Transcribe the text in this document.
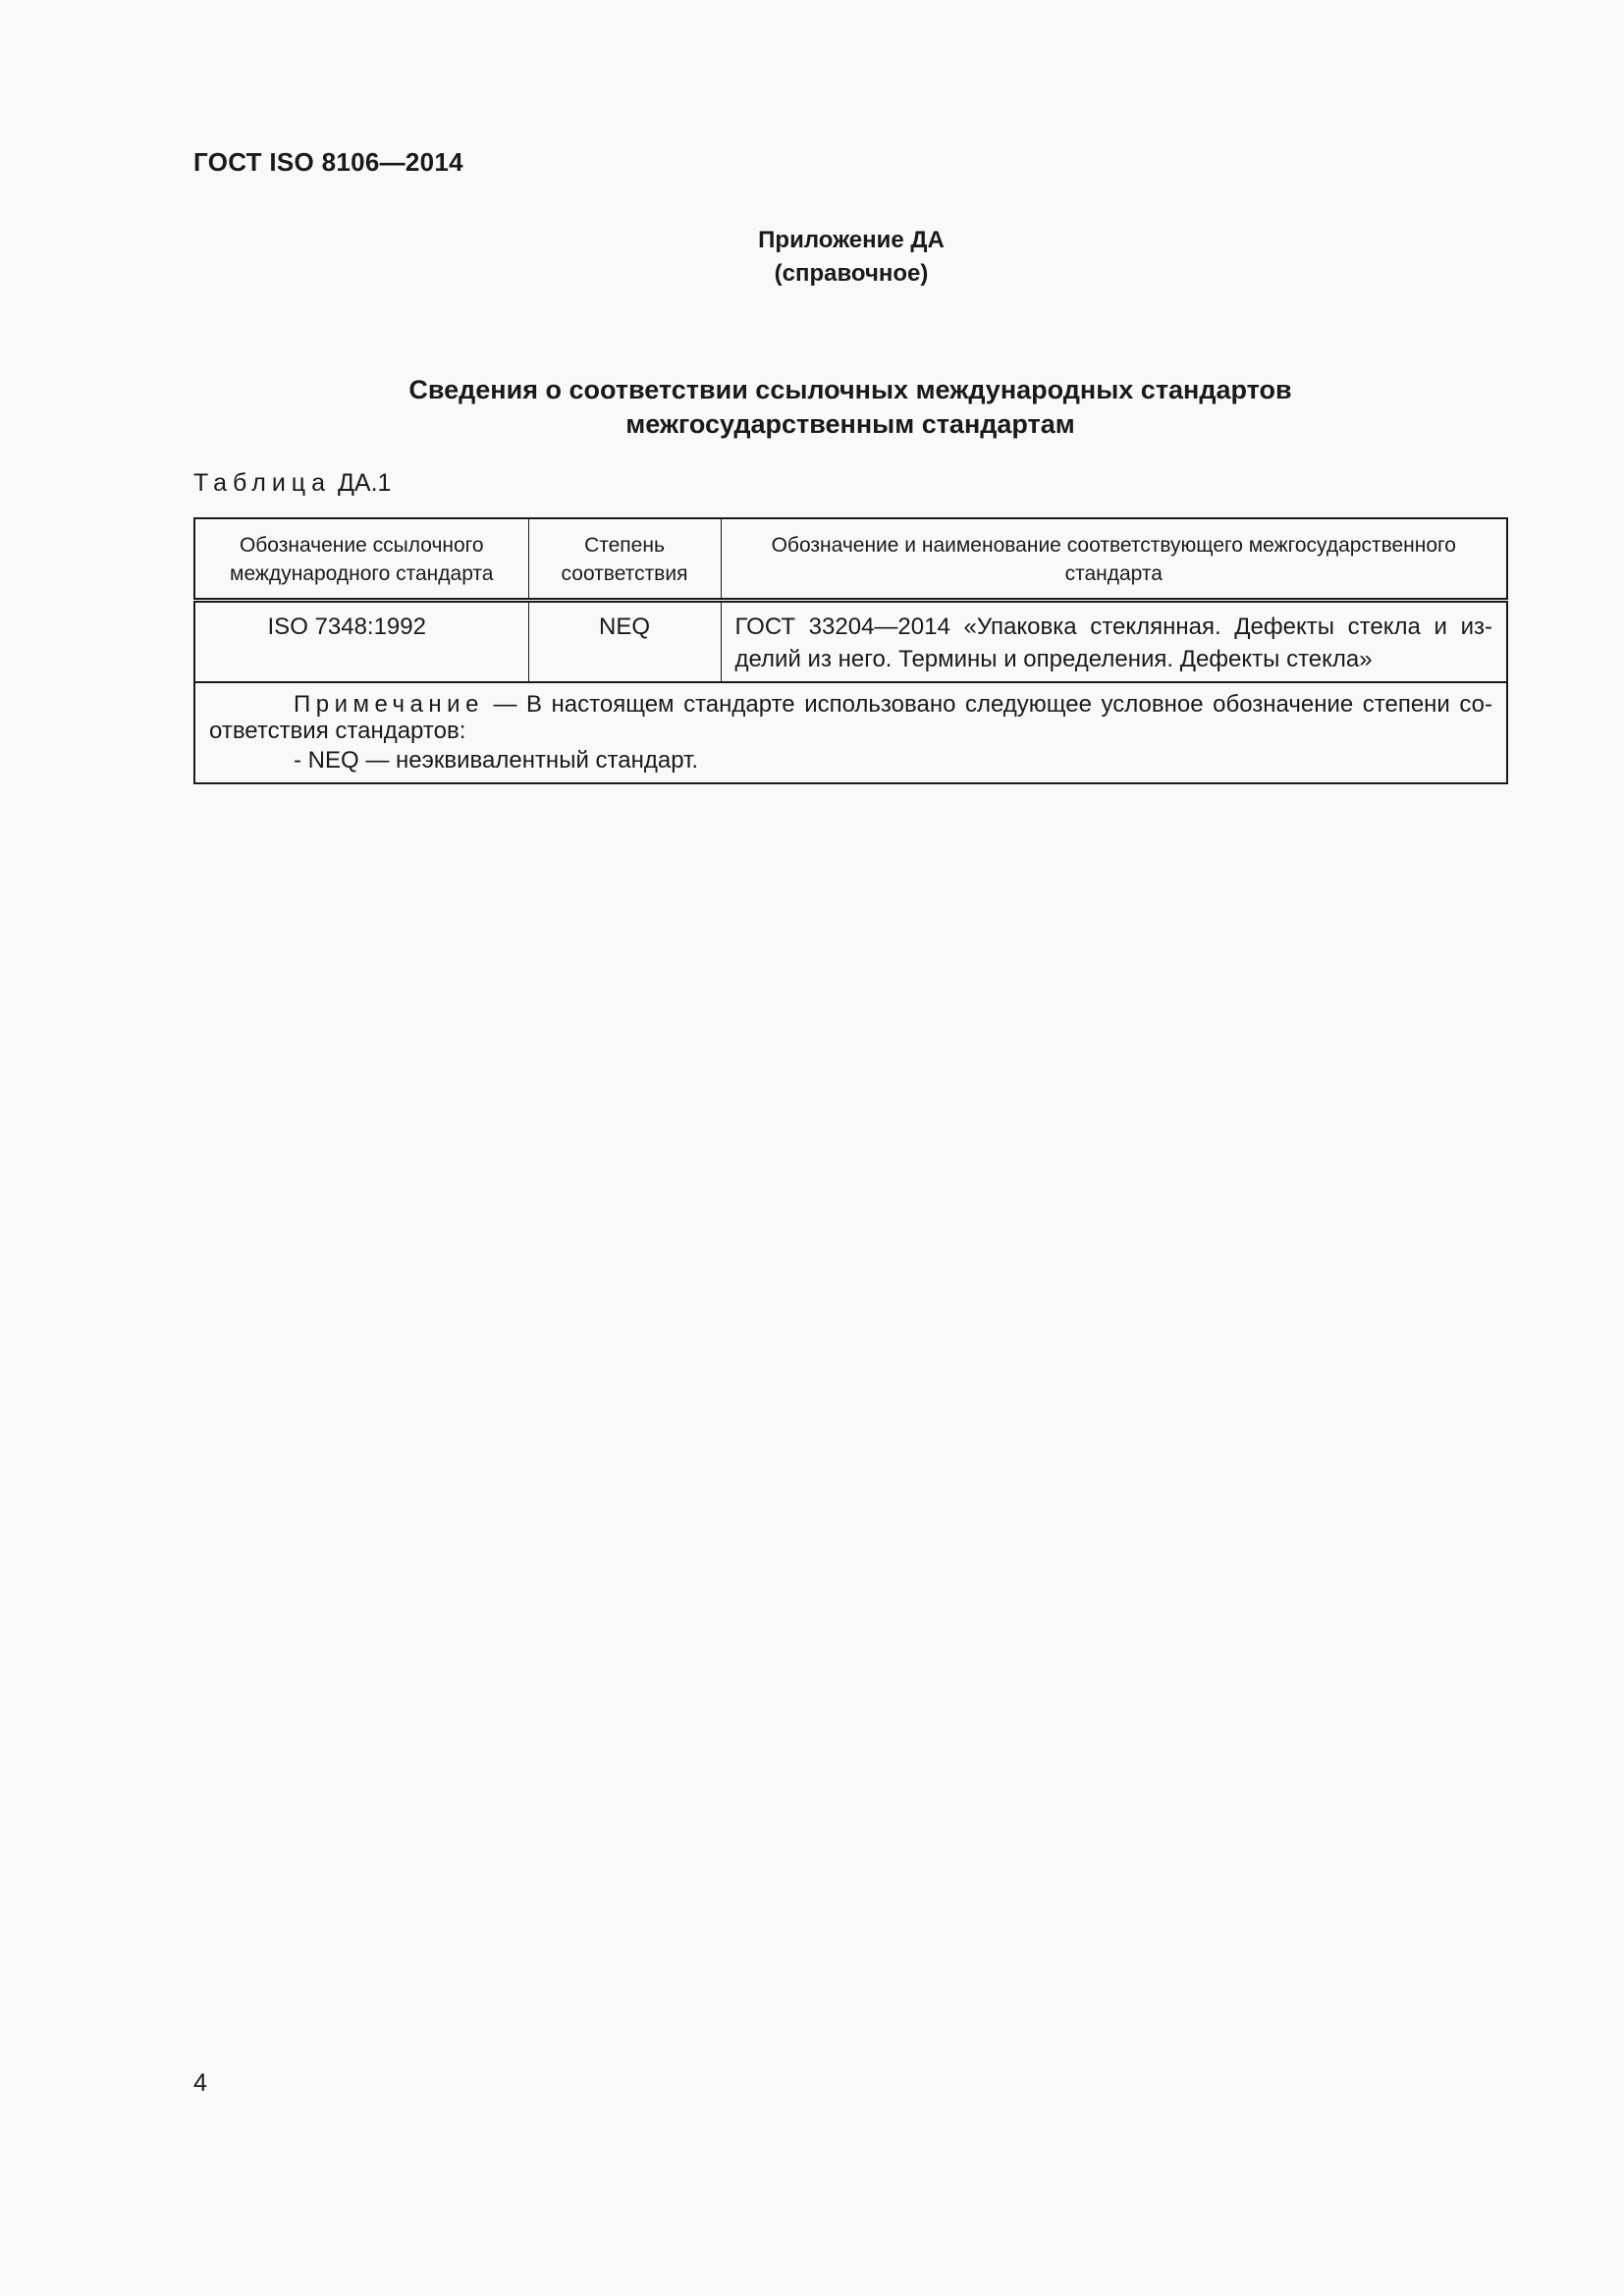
ГОСТ ISO 8106—2014
Приложение ДА
(справочное)
Сведения о соответствии ссылочных международных стандартов
межгосударственным стандартам
Таблица ДА.1
Обозначение ссылочного международного стандарта	Степень соответствия	Обозначение и наименование соответствующего межгосударственного стандарта
ISO 7348:1992	NEQ	ГОСТ 33204—2014 «Упаковка стеклянная. Дефекты стекла и изделий из него. Термины и определения. Дефекты стекла»

Примечание — В настоящем стандарте использовано следующее условное обозначение степени соответствия стандартов:
- NEQ — неэквивалентный стандарт.		
4
